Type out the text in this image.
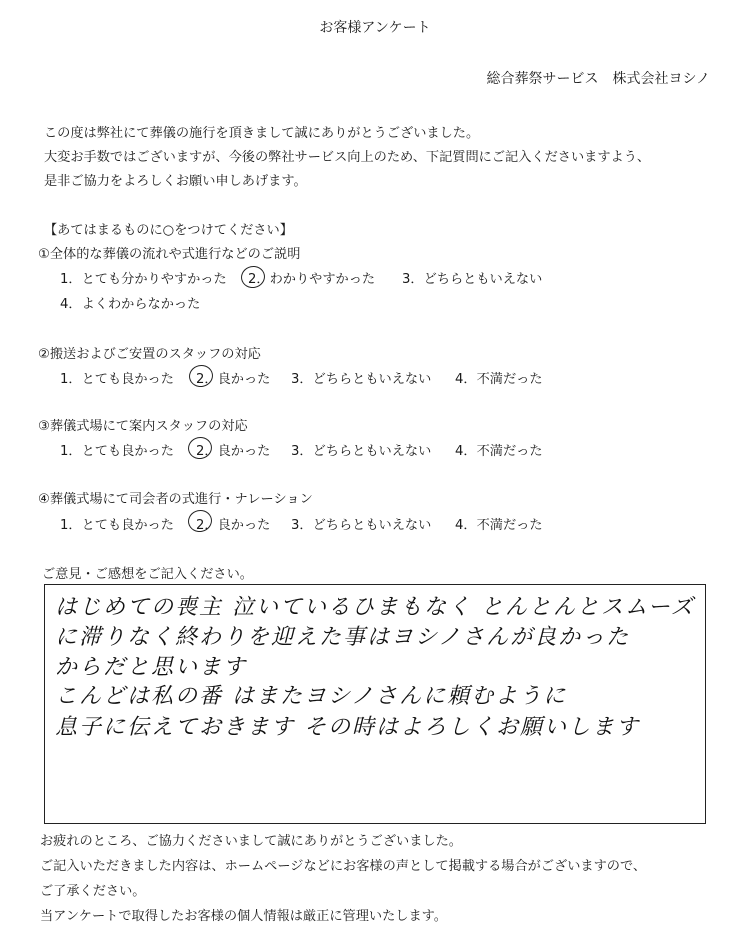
お客様アンケート
総合葬祭サービス　株式会社ヨシノ
この度は弊社にて葬儀の施行を頂きまして誠にありがとうございました。
大変お手数ではございますが、今後の弊社サービス向上のため、下記質問にご記入くださいますよう、
是非ご協力をよろしくお願い申しあげます。
【あてはまるものに○をつけてください】
①全体的な葬儀の流れや式進行などのご説明
1．とても分かりやすかった 2．わかりやすかった 3．どちらともいえない
4．よくわからなかった
②搬送およびご安置のスタッフの対応
1．とても良かった 2．良かった 3．どちらともいえない 4．不満だった
③葬儀式場にて案内スタッフの対応
1．とても良かった 2．良かった 3．どちらともいえない 4．不満だった
④葬儀式場にて司会者の式進行・ナレーション
1．とても良かった 2．良かった 3．どちらともいえない 4．不満だった
ご意見・ご感想をご記入ください。
はじめての喪主 泣いているひまもなく とんとんとスムーズ
に滞りなく終わりを迎えた事はヨシノさんが良かった
からだと思います
こんどは私の番 はまたヨシノさんに頼むように
息子に伝えておきます その時はよろしくお願いします
お疲れのところ、ご協力くださいまして誠にありがとうございました。
ご記入いただきました内容は、ホームページなどにお客様の声として掲載する場合がございますので、
ご了承ください。
当アンケートで取得したお客様の個人情報は厳正に管理いたします。
